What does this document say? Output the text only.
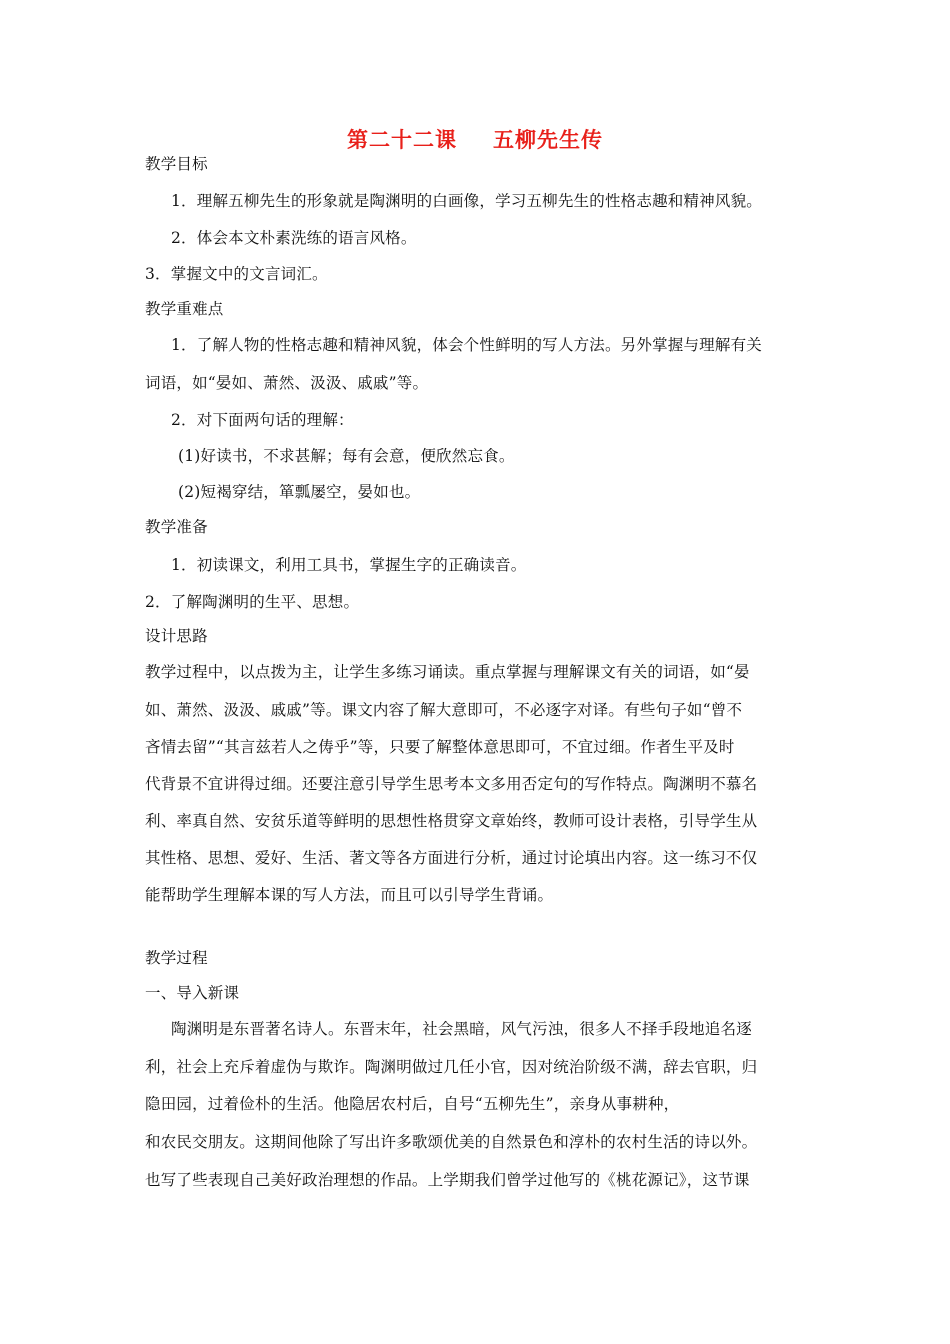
第二十二课 五柳先生传
教学目标
1．理解五柳先生的形象就是陶渊明的白画像，学习五柳先生的性格志趣和精神风貌。
2．体会本文朴素洗练的语言风格。
3．掌握文中的文言词汇。
教学重难点
1．了解人物的性格志趣和精神风貌，体会个性鲜明的写人方法。另外掌握与理解有关
词语，如“晏如、萧然、汲汲、戚戚”等。
2．对下面两句话的理解：
(1)好读书，不求甚解；每有会意，便欣然忘食。
(2)短褐穿结，箪瓢屡空，晏如也。
教学准备
1．初读课文，利用工具书，掌握生字的正确读音。
2．了解陶渊明的生平、思想。
设计思路
教学过程中，以点拨为主，让学生多练习诵读。重点掌握与理解课文有关的词语，如“晏
如、萧然、汲汲、戚戚”等。课文内容了解大意即可，不必逐字对译。有些句子如“曾不
吝情去留”“其言兹若人之俦乎”等，只要了解整体意思即可，不宜过细。作者生平及时
代背景不宜讲得过细。还要注意引导学生思考本文多用否定句的写作特点。陶渊明不慕名
利、率真自然、安贫乐道等鲜明的思想性格贯穿文章始终，教师可设计表格，引导学生从
其性格、思想、爱好、生活、著文等各方面进行分析，通过讨论填出内容。这一练习不仅
能帮助学生理解本课的写人方法，而且可以引导学生背诵。
教学过程
一、导入新课
陶渊明是东晋著名诗人。东晋末年，社会黑暗，风气污浊，很多人不择手段地追名逐
利，社会上充斥着虚伪与欺诈。陶渊明做过几任小官，因对统治阶级不满，辞去官职，归
隐田园，过着俭朴的生活。他隐居农村后，自号“五柳先生”，亲身从事耕种，
和农民交朋友。这期间他除了写出许多歌颂优美的自然景色和淳朴的农村生活的诗以外。
也写了些表现自己美好政治理想的作品。上学期我们曾学过他写的《桃花源记》，这节课
